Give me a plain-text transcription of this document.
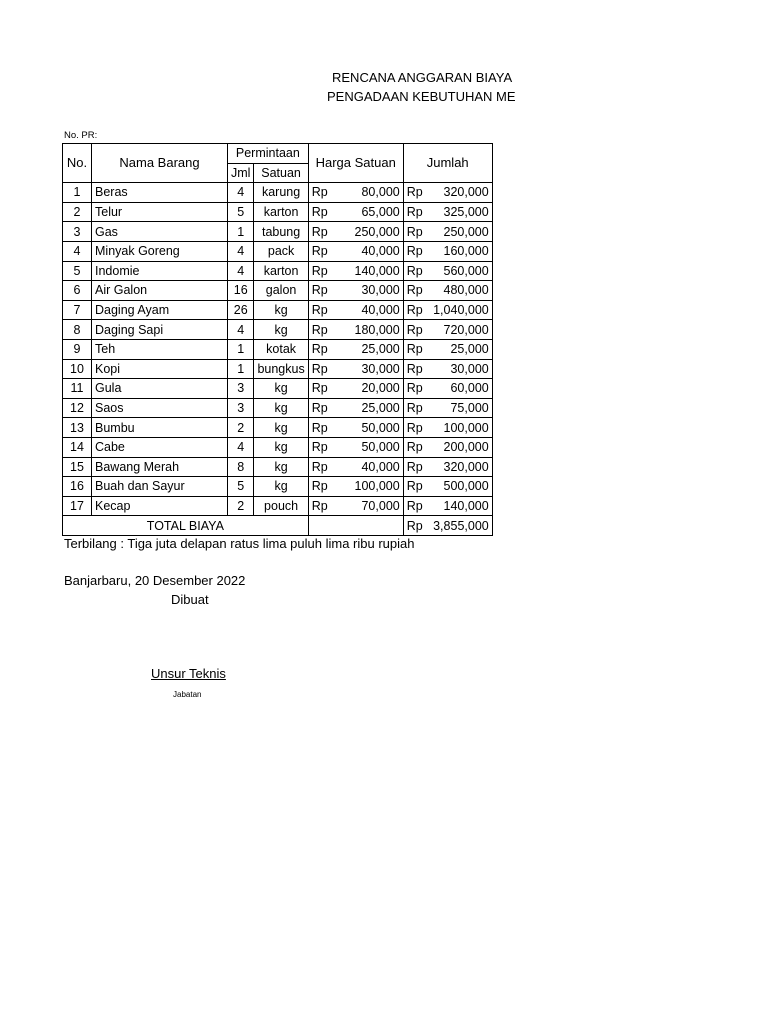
RENCANA ANGGARAN BIAYA
PENGADAAN KEBUTUHAN ME
No. PR:
No.	Nama Barang	Permintaan		Harga Satuan	Jumlah
		Jml	Satuan		
1	Beras	4	karung	Rp 80,000	Rp 320,000

2	Telur	5	karton	Rp 65,000	Rp 325,000

3	Gas	1	tabung	Rp 250,000	Rp 250,000

4	Minyak Goreng	4	pack	Rp 40,000	Rp 160,000

5	Indomie	4	karton	Rp 140,000	Rp 560,000

6	Air Galon	16	galon	Rp 30,000	Rp 480,000

7	Daging Ayam	26	kg	Rp 40,000	Rp 1,040,000

8	Daging Sapi	4	kg	Rp 180,000	Rp 720,000

9	Teh	1	kotak	Rp 25,000	Rp 25,000

10	Kopi	1	bungkus	Rp 30,000	Rp 30,000

11	Gula	3	kg	Rp 20,000	Rp 60,000

12	Saos	3	kg	Rp 25,000	Rp 75,000

13	Bumbu	2	kg	Rp 50,000	Rp 100,000

14	Cabe	4	kg	Rp 50,000	Rp 200,000

15	Bawang Merah	8	kg	Rp 40,000	Rp 320,000

16	Buah dan Sayur	5	kg	Rp 100,000	Rp 500,000

17	Kecap	2	pouch	Rp 70,000	Rp 140,000

TOTAL BIAYA					Rp 3,855,000
Terbilang : Tiga juta delapan ratus lima puluh lima ribu rupiah
Banjarbaru, 20 Desember 2022
Dibuat
Unsur Teknis
Jabatan
